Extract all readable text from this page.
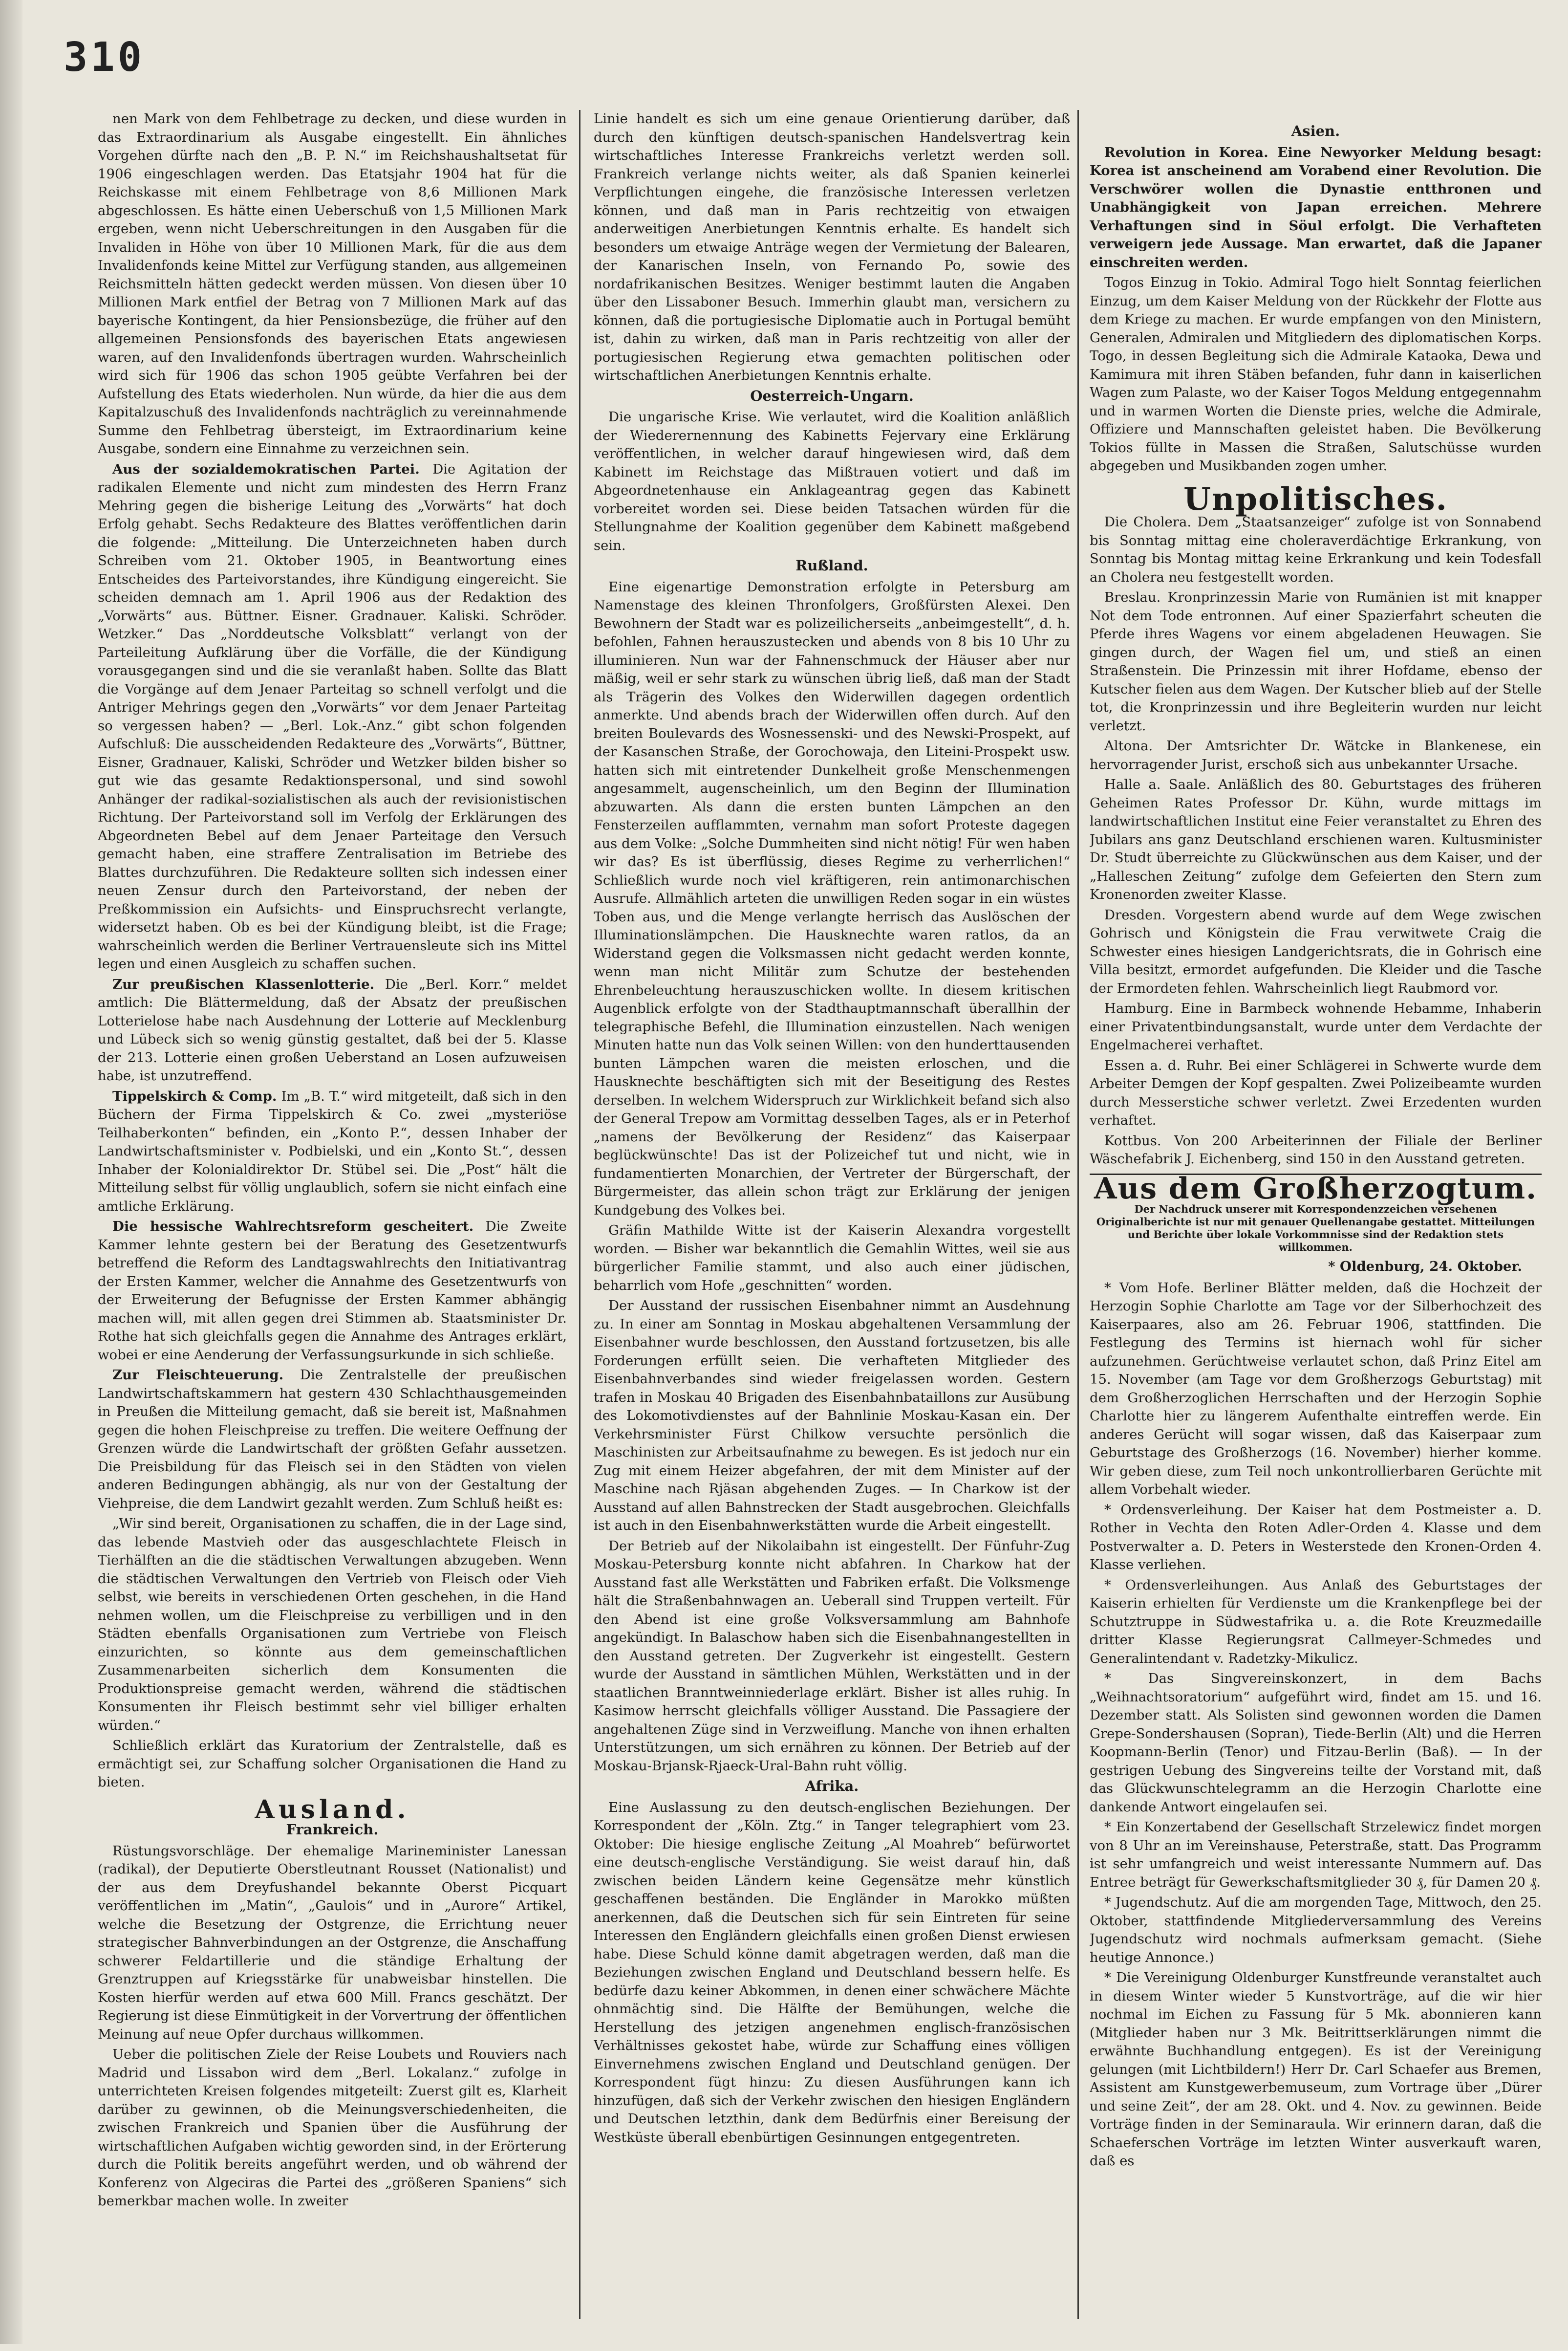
310

nen Mark von dem Fehlbetrage zu decken, und diese wurden in das Extraordinarium als Ausgabe eingestellt. Ein ähnliches Vorgehen dürfte nach den „B. P. N.“ im Reichshaushaltsetat für 1906 eingeschlagen werden. Das Etatsjahr 1904 hat für die Reichskasse mit einem Fehlbetrage von 8,6 Millionen Mark abgeschlossen. Es hätte einen Ueberschuß von 1,5 Millionen Mark ergeben, wenn nicht Ueberschreitungen in den Ausgaben für die Invaliden in Höhe von über 10 Millionen Mark, für die aus dem Invalidenfonds keine Mittel zur Verfügung standen, aus allgemeinen Reichsmitteln hätten gedeckt werden müssen. Von diesen über 10 Millionen Mark entfiel der Betrag von 7 Millionen Mark auf das bayerische Kontingent, da hier Pensionsbezüge, die früher auf den allgemeinen Pensionsfonds des bayerischen Etats angewiesen waren, auf den Invalidenfonds übertragen wurden. Wahrscheinlich wird sich für 1906 das schon 1905 geübte Verfahren bei der Aufstellung des Etats wiederholen. Nun würde, da hier die aus dem Kapitalzuschuß des Invalidenfonds nachträglich zu vereinnahmende Summe den Fehlbetrag übersteigt, im Extraordinarium keine Ausgabe, sondern eine Einnahme zu verzeichnen sein.

Aus der sozialdemokratischen Partei. Die Agitation der radikalen Elemente und nicht zum mindesten des Herrn Franz Mehring gegen die bisherige Leitung des „Vorwärts“ hat doch Erfolg gehabt. Sechs Redakteure des Blattes veröffentlichen darin die folgende: „Mitteilung. Die Unterzeichneten haben durch Schreiben vom 21. Oktober 1905, in Beantwortung eines Entscheides des Parteivorstandes, ihre Kündigung eingereicht. Sie scheiden demnach am 1. April 1906 aus der Redaktion des „Vorwärts“ aus. Büttner. Eisner. Gradnauer. Kaliski. Schröder. Wetzker.“ Das „Norddeutsche Volksblatt“ verlangt von der Parteileitung Aufklärung über die Vorfälle, die der Kündigung vorausgegangen sind und die sie veranlaßt haben. Sollte das Blatt die Vorgänge auf dem Jenaer Parteitag so schnell verfolgt und die Antriger Mehrings gegen den „Vorwärts“ vor dem Jenaer Parteitag so vergessen haben? — „Berl. Lok.-Anz.“ gibt schon folgenden Aufschluß: Die ausscheidenden Redakteure des „Vorwärts“, Büttner, Eisner, Gradnauer, Kaliski, Schröder und Wetzker bilden bisher so gut wie das gesamte Redaktionspersonal, und sind sowohl Anhänger der radikal-sozialistischen als auch der revisionistischen Richtung. Der Parteivorstand soll im Verfolg der Erklärungen des Abgeordneten Bebel auf dem Jenaer Parteitage den Versuch gemacht haben, eine straffere Zentralisation im Betriebe des Blattes durchzuführen. Die Redakteure sollten sich indessen einer neuen Zensur durch den Parteivorstand, der neben der Preßkommission ein Aufsichts- und Einspruchsrecht verlangte, widersetzt haben. Ob es bei der Kündigung bleibt, ist die Frage; wahrscheinlich werden die Berliner Vertrauensleute sich ins Mittel legen und einen Ausgleich zu schaffen suchen.

Zur preußischen Klassenlotterie. Die „Berl. Korr.“ meldet amtlich: Die Blättermeldung, daß der Absatz der preußischen Lotterielose habe nach Ausdehnung der Lotterie auf Mecklenburg und Lübeck sich so wenig günstig gestaltet, daß bei der 5. Klasse der 213. Lotterie einen großen Ueberstand an Losen aufzuweisen habe, ist unzutreffend.

Tippelskirch & Comp. Im „B. T.“ wird mitgeteilt, daß sich in den Büchern der Firma Tippelskirch & Co. zwei „mysteriöse Teilhaberkonten“ befinden, ein „Konto P.“, dessen Inhaber der Landwirtschaftsminister v. Podbielski, und ein „Konto St.“, dessen Inhaber der Kolonialdirektor Dr. Stübel sei. Die „Post“ hält die Mitteilung selbst für völlig unglaublich, sofern sie nicht einfach eine amtliche Erklärung.

Die hessische Wahlrechtsreform gescheitert. Die Zweite Kammer lehnte gestern bei der Beratung des Gesetzentwurfs betreffend die Reform des Landtagswahlrechts den Initiativantrag der Ersten Kammer, welcher die Annahme des Gesetzentwurfs von der Erweiterung der Befugnisse der Ersten Kammer abhängig machen will, mit allen gegen drei Stimmen ab. Staatsminister Dr. Rothe hat sich gleichfalls gegen die Annahme des Antrages erklärt, wobei er eine Aenderung der Verfassungsurkunde in sich schließe.

Zur Fleischteuerung. Die Zentralstelle der preußischen Landwirtschaftskammern hat gestern 430 Schlachthausgemeinden in Preußen die Mitteilung gemacht, daß sie bereit ist, Maßnahmen gegen die hohen Fleischpreise zu treffen. Die weitere Oeffnung der Grenzen würde die Landwirtschaft der größten Gefahr aussetzen. Die Preisbildung für das Fleisch sei in den Städten von vielen anderen Bedingungen abhängig, als nur von der Gestaltung der Viehpreise, die dem Landwirt gezahlt werden. Zum Schluß heißt es:

„Wir sind bereit, Organisationen zu schaffen, die in der Lage sind, das lebende Mastvieh oder das ausgeschlachtete Fleisch in Tierhälften an die die städtischen Verwaltungen abzugeben. Wenn die städtischen Verwaltungen den Vertrieb von Fleisch oder Vieh selbst, wie bereits in verschiedenen Orten geschehen, in die Hand nehmen wollen, um die Fleischpreise zu verbilligen und in den Städten ebenfalls Organisationen zum Vertriebe von Fleisch einzurichten, so könnte aus dem gemeinschaftlichen Zusammenarbeiten sicherlich dem Konsumenten die Produktionspreise gemacht werden, während die städtischen Konsumenten ihr Fleisch bestimmt sehr viel billiger erhalten würden.“

Schließlich erklärt das Kuratorium der Zentralstelle, daß es ermächtigt sei, zur Schaffung solcher Organisationen die Hand zu bieten.

Ausland.
Frankreich.

Rüstungsvorschläge. Der ehemalige Marineminister Lanessan (radikal), der Deputierte Oberstleutnant Rousset (Nationalist) und der aus dem Dreyfushandel bekannte Oberst Picquart veröffentlichen im „Matin“, „Gaulois“ und in „Aurore“ Artikel, welche die Besetzung der Ostgrenze, die Errichtung neuer strategischer Bahnverbindungen an der Ostgrenze, die Anschaffung schwerer Feldartillerie und die ständige Erhaltung der Grenztruppen auf Kriegsstärke für unabweisbar hinstellen. Die Kosten hierfür werden auf etwa 600 Mill. Francs geschätzt. Der Regierung ist diese Einmütigkeit in der Vorvertrung der öffentlichen Meinung auf neue Opfer durchaus willkommen.

Ueber die politischen Ziele der Reise Loubets und Rouviers nach Madrid und Lissabon wird dem „Berl. Lokalanz.“ zufolge in unterrichteten Kreisen folgendes mitgeteilt: Zuerst gilt es, Klarheit darüber zu gewinnen, ob die Meinungsverschiedenheiten, die zwischen Frankreich und Spanien über die Ausführung der wirtschaftlichen Aufgaben wichtig geworden sind, in der Erörterung durch die Politik bereits angeführt werden, und ob während der Konferenz von Algeciras die Partei des „größeren Spaniens“ sich bemerkbar machen wolle. In zweiter

Linie handelt es sich um eine genaue Orientierung darüber, daß durch den künftigen deutsch-spanischen Handelsvertrag kein wirtschaftliches Interesse Frankreichs verletzt werden soll. Frankreich verlange nichts weiter, als daß Spanien keinerlei Verpflichtungen eingehe, die französische Interessen verletzen können, und daß man in Paris rechtzeitig von etwaigen anderweitigen Anerbietungen Kenntnis erhalte. Es handelt sich besonders um etwaige Anträge wegen der Vermietung der Balearen, der Kanarischen Inseln, von Fernando Po, sowie des nordafrikanischen Besitzes. Weniger bestimmt lauten die Angaben über den Lissaboner Besuch. Immerhin glaubt man, versichern zu können, daß die portugiesische Diplomatie auch in Portugal bemüht ist, dahin zu wirken, daß man in Paris rechtzeitig von aller der portugiesischen Regierung etwa gemachten politischen oder wirtschaftlichen Anerbietungen Kenntnis erhalte.

Oesterreich-Ungarn.

Die ungarische Krise. Wie verlautet, wird die Koalition anläßlich der Wiederernennung des Kabinetts Fejervary eine Erklärung veröffentlichen, in welcher darauf hingewiesen wird, daß dem Kabinett im Reichstage das Mißtrauen votiert und daß im Abgeordnetenhause ein Anklageantrag gegen das Kabinett vorbereitet worden sei. Diese beiden Tatsachen würden für die Stellungnahme der Koalition gegenüber dem Kabinett maßgebend sein.

Rußland.

Eine eigenartige Demonstration erfolgte in Petersburg am Namenstage des kleinen Thronfolgers, Großfürsten Alexei. Den Bewohnern der Stadt war es polizeilicherseits „anbeimgestellt“, d. h. befohlen, Fahnen herauszustecken und abends von 8 bis 10 Uhr zu illuminieren. Nun war der Fahnenschmuck der Häuser aber nur mäßig, weil er sehr stark zu wünschen übrig ließ, daß man der Stadt als Trägerin des Volkes den Widerwillen dagegen ordentlich anmerkte. Und abends brach der Widerwillen offen durch. Auf den breiten Boulevards des Wosnessenski- und des Newski-Prospekt, auf der Kasanschen Straße, der Gorochowaja, den Liteini-Prospekt usw. hatten sich mit eintretender Dunkelheit große Menschenmengen angesammelt, augenscheinlich, um den Beginn der Illumination abzuwarten. Als dann die ersten bunten Lämpchen an den Fensterzeilen aufflammten, vernahm man sofort Proteste dagegen aus dem Volke: „Solche Dummheiten sind nicht nötig! Für wen haben wir das? Es ist überflüssig, dieses Regime zu verherrlichen!“ Schließlich wurde noch viel kräftigeren, rein antimonarchischen Ausrufe. Allmählich arteten die unwilligen Reden sogar in ein wüstes Toben aus, und die Menge verlangte herrisch das Auslöschen der Illuminationslämpchen. Die Hausknechte waren ratlos, da an Widerstand gegen die Volksmassen nicht gedacht werden konnte, wenn man nicht Militär zum Schutze der bestehenden Ehrenbeleuchtung herauszuschicken wollte. In diesem kritischen Augenblick erfolgte von der Stadthauptmannschaft überallhin der telegraphische Befehl, die Illumination einzustellen. Nach wenigen Minuten hatte nun das Volk seinen Willen: von den hunderttausenden bunten Lämpchen waren die meisten erloschen, und die Hausknechte beschäftigten sich mit der Beseitigung des Restes derselben. In welchem Widerspruch zur Wirklichkeit befand sich also der General Trepow am Vormittag desselben Tages, als er in Peterhof „namens der Bevölkerung der Residenz“ das Kaiserpaar beglückwünschte! Das ist der Polizeichef tut und nicht, wie in fundamentierten Monarchien, der Vertreter der Bürgerschaft, der Bürgermeister, das allein schon trägt zur Erklärung der jenigen Kundgebung des Volkes bei.

Gräfin Mathilde Witte ist der Kaiserin Alexandra vorgestellt worden. — Bisher war bekanntlich die Gemahlin Wittes, weil sie aus bürgerlicher Familie stammt, und also auch einer jüdischen, beharrlich vom Hofe „geschnitten“ worden.

Der Ausstand der russischen Eisenbahner nimmt an Ausdehnung zu. In einer am Sonntag in Moskau abgehaltenen Versammlung der Eisenbahner wurde beschlossen, den Ausstand fortzusetzen, bis alle Forderungen erfüllt seien. Die verhafteten Mitglieder des Eisenbahnverbandes sind wieder freigelassen worden. Gestern trafen in Moskau 40 Brigaden des Eisenbahnbataillons zur Ausübung des Lokomotivdienstes auf der Bahnlinie Moskau-Kasan ein. Der Verkehrsminister Fürst Chilkow versuchte persönlich die Maschinisten zur Arbeitsaufnahme zu bewegen. Es ist jedoch nur ein Zug mit einem Heizer abgefahren, der mit dem Minister auf der Maschine nach Rjäsan abgehenden Zuges. — In Charkow ist der Ausstand auf allen Bahnstrecken der Stadt ausgebrochen. Gleichfalls ist auch in den Eisenbahnwerkstätten wurde die Arbeit eingestellt.

Der Betrieb auf der Nikolaibahn ist eingestellt. Der Fünfuhr-Zug Moskau-Petersburg konnte nicht abfahren. In Charkow hat der Ausstand fast alle Werkstätten und Fabriken erfaßt. Die Volksmenge hält die Straßenbahnwagen an. Ueberall sind Truppen verteilt. Für den Abend ist eine große Volksversammlung am Bahnhofe angekündigt. In Balaschow haben sich die Eisenbahnangestellten in den Ausstand getreten. Der Zugverkehr ist eingestellt. Gestern wurde der Ausstand in sämtlichen Mühlen, Werkstätten und in der staatlichen Branntweinniederlage erklärt. Bisher ist alles ruhig. In Kasimow herrscht gleichfalls völliger Ausstand. Die Passagiere der angehaltenen Züge sind in Verzweiflung. Manche von ihnen erhalten Unterstützungen, um sich ernähren zu können. Der Betrieb auf der Moskau-Brjansk-Rjaeck-Ural-Bahn ruht völlig.

Afrika.

Eine Auslassung zu den deutsch-englischen Beziehungen. Der Korrespondent der „Köln. Ztg.“ in Tanger telegraphiert vom 23. Oktober: Die hiesige englische Zeitung „Al Moahreb“ befürwortet eine deutsch-englische Verständigung. Sie weist darauf hin, daß zwischen beiden Ländern keine Gegensätze mehr künstlich geschaffenen beständen. Die Engländer in Marokko müßten anerkennen, daß die Deutschen sich für sein Eintreten für seine Interessen den Engländern gleichfalls einen großen Dienst erwiesen habe. Diese Schuld könne damit abgetragen werden, daß man die Beziehungen zwischen England und Deutschland bessern helfe. Es bedürfe dazu keiner Abkommen, in denen einer schwächere Mächte ohnmächtig sind. Die Hälfte der Bemühungen, welche die Herstellung des jetzigen angenehmen englisch-französischen Verhältnisses gekostet habe, würde zur Schaffung eines völligen Einvernehmens zwischen England und Deutschland genügen. Der Korrespondent fügt hinzu: Zu diesen Ausführungen kann ich hinzufügen, daß sich der Verkehr zwischen den hiesigen Engländern und Deutschen letzthin, dank dem Bedürfnis einer Bereisung der Westküste überall ebenbürtigen Gesinnungen entgegentreten.

Asien.

Revolution in Korea. Eine Newyorker Meldung besagt: Korea ist anscheinend am Vorabend einer Revolution. Die Verschwörer wollen die Dynastie entthronen und Unabhängigkeit von Japan erreichen. Mehrere Verhaftungen sind in Söul erfolgt. Die Verhafteten verweigern jede Aussage. Man erwartet, daß die Japaner einschreiten werden.

Togos Einzug in Tokio. Admiral Togo hielt Sonntag feierlichen Einzug, um dem Kaiser Meldung von der Rückkehr der Flotte aus dem Kriege zu machen. Er wurde empfangen von den Ministern, Generalen, Admiralen und Mitgliedern des diplomatischen Korps. Togo, in dessen Begleitung sich die Admirale Kataoka, Dewa und Kamimura mit ihren Stäben befanden, fuhr dann in kaiserlichen Wagen zum Palaste, wo der Kaiser Togos Meldung entgegennahm und in warmen Worten die Dienste pries, welche die Admirale, Offiziere und Mannschaften geleistet haben. Die Bevölkerung Tokios füllte in Massen die Straßen, Salutschüsse wurden abgegeben und Musikbanden zogen umher.

Unpolitisches.

Die Cholera. Dem „Staatsanzeiger“ zufolge ist von Sonnabend bis Sonntag mittag eine choleraverdächtige Erkrankung, von Sonntag bis Montag mittag keine Erkrankung und kein Todesfall an Cholera neu festgestellt worden.

Breslau. Kronprinzessin Marie von Rumänien ist mit knapper Not dem Tode entronnen. Auf einer Spazierfahrt scheuten die Pferde ihres Wagens vor einem abgeladenen Heuwagen. Sie gingen durch, der Wagen fiel um, und stieß an einen Straßenstein. Die Prinzessin mit ihrer Hofdame, ebenso der Kutscher fielen aus dem Wagen. Der Kutscher blieb auf der Stelle tot, die Kronprinzessin und ihre Begleiterin wurden nur leicht verletzt.

Altona. Der Amtsrichter Dr. Wätcke in Blankenese, ein hervorragender Jurist, erschoß sich aus unbekannter Ursache.

Halle a. Saale. Anläßlich des 80. Geburtstages des früheren Geheimen Rates Professor Dr. Kühn, wurde mittags im landwirtschaftlichen Institut eine Feier veranstaltet zu Ehren des Jubilars ans ganz Deutschland erschienen waren. Kultusminister Dr. Studt überreichte zu Glückwünschen aus dem Kaiser, und der „Halleschen Zeitung“ zufolge dem Gefeierten den Stern zum Kronenorden zweiter Klasse.

Dresden. Vorgestern abend wurde auf dem Wege zwischen Gohrisch und Königstein die Frau verwitwete Craig die Schwester eines hiesigen Landgerichtsrats, die in Gohrisch eine Villa besitzt, ermordet aufgefunden. Die Kleider und die Tasche der Ermordeten fehlen. Wahrscheinlich liegt Raubmord vor.

Hamburg. Eine in Barmbeck wohnende Hebamme, Inhaberin einer Privatentbindungsanstalt, wurde unter dem Verdachte der Engelmacherei verhaftet.

Essen a. d. Ruhr. Bei einer Schlägerei in Schwerte wurde dem Arbeiter Demgen der Kopf gespalten. Zwei Polizeibeamte wurden durch Messerstiche schwer verletzt. Zwei Erzedenten wurden verhaftet.

Kottbus. Von 200 Arbeiterinnen der Filiale der Berliner Wäschefabrik J. Eichenberg, sind 150 in den Ausstand getreten.

Aus dem Großherzogtum.
Der Nachdruck unserer mit Korrespondenzzeichen versehenen Originalberichte ist nur mit genauer Quellenangabe gestattet. Mitteilungen und Berichte über lokale Vorkommnisse sind der Redaktion stets willkommen.
* Oldenburg, 24. Oktober.

* Vom Hofe. Berliner Blätter melden, daß die Hochzeit der Herzogin Sophie Charlotte am Tage vor der Silberhochzeit des Kaiserpaares, also am 26. Februar 1906, stattfinden. Die Festlegung des Termins ist hiernach wohl für sicher aufzunehmen. Gerüchtweise verlautet schon, daß Prinz Eitel am 15. November (am Tage vor dem Großherzogs Geburtstag) mit dem Großherzoglichen Herrschaften und der Herzogin Sophie Charlotte hier zu längerem Aufenthalte eintreffen werde. Ein anderes Gerücht will sogar wissen, daß das Kaiserpaar zum Geburtstage des Großherzogs (16. November) hierher komme. Wir geben diese, zum Teil noch unkontrollierbaren Gerüchte mit allem Vorbehalt wieder.

* Ordensverleihung. Der Kaiser hat dem Postmeister a. D. Rother in Vechta den Roten Adler-Orden 4. Klasse und dem Postverwalter a. D. Peters in Westerstede den Kronen-Orden 4. Klasse verliehen.

* Ordensverleihungen. Aus Anlaß des Geburtstages der Kaiserin erhielten für Verdienste um die Krankenpflege bei der Schutztruppe in Südwestafrika u. a. die Rote Kreuzmedaille dritter Klasse Regierungsrat Callmeyer-Schmedes und Generalintendant v. Radetzky-Mikulicz.

* Das Singvereinskonzert, in dem Bachs „Weihnachtsoratorium“ aufgeführt wird, findet am 15. und 16. Dezember statt. Als Solisten sind gewonnen worden die Damen Grepe-Sondershausen (Sopran), Tiede-Berlin (Alt) und die Herren Koopmann-Berlin (Tenor) und Fitzau-Berlin (Baß). — In der gestrigen Uebung des Singvereins teilte der Vorstand mit, daß das Glückwunschtelegramm an die Herzogin Charlotte eine dankende Antwort eingelaufen sei.

* Ein Konzertabend der Gesellschaft Strzelewicz findet morgen von 8 Uhr an im Vereinshause, Peterstraße, statt. Das Programm ist sehr umfangreich und weist interessante Nummern auf. Das Entree beträgt für Gewerkschaftsmitglieder 30 ₰, für Damen 20 ₰.

* Jugendschutz. Auf die am morgenden Tage, Mittwoch, den 25. Oktober, stattfindende Mitgliederversammlung des Vereins Jugendschutz wird nochmals aufmerksam gemacht. (Siehe heutige Annonce.)

* Die Vereinigung Oldenburger Kunstfreunde veranstaltet auch in diesem Winter wieder 5 Kunstvorträge, auf die wir hier nochmal im Eichen zu Fassung für 5 Mk. abonnieren kann (Mitglieder haben nur 3 Mk. Beitrittserklärungen nimmt die erwähnte Buchhandlung entgegen). Es ist der Vereinigung gelungen (mit Lichtbildern!) Herr Dr. Carl Schaefer aus Bremen, Assistent am Kunstgewerbemuseum, zum Vortrage über „Dürer und seine Zeit“, der am 28. Okt. und 4. Nov. zu gewinnen. Beide Vorträge finden in der Seminaraula. Wir erinnern daran, daß die Schaeferschen Vorträge im letzten Winter ausverkauft waren, daß es
